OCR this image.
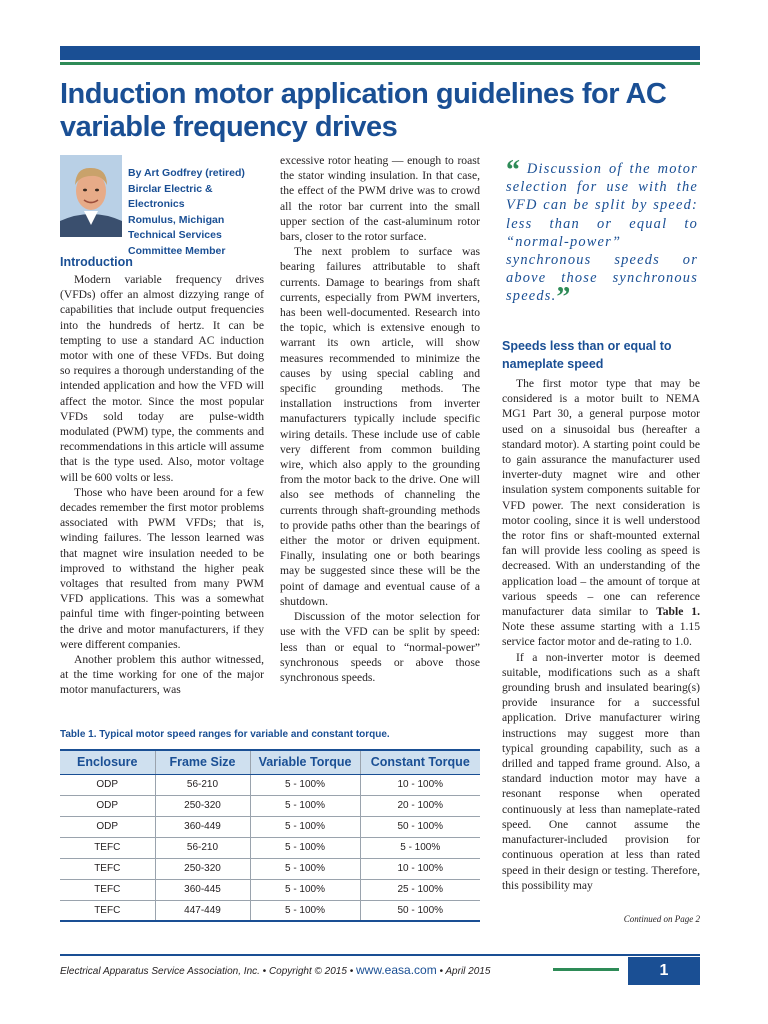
Induction motor application guidelines for AC variable frequency drives
By Art Godfrey (retired)
Birclar Electric & Electronics
Romulus, Michigan
Technical Services
Committee Member
Introduction

Modern variable frequency drives (VFDs) offer an almost dizzying range of capabilities that include output frequencies into the hundreds of hertz. It can be tempting to use a standard AC induction motor with one of these VFDs. But doing so requires a thorough understanding of the intended application and how the VFD will affect the motor. Since the most popular VFDs sold today are pulse-width modulated (PWM) type, the comments and recommendations in this article will assume that is the type used. Also, motor voltage will be 600 volts or less.

Those who have been around for a few decades remember the first motor problems associated with PWM VFDs; that is, winding failures. The lesson learned was that magnet wire insulation needed to be improved to withstand the higher peak voltages that resulted from many PWM VFD applications. This was a somewhat painful time with finger-pointing between the drive and motor manufacturers, if they were different companies.

Another problem this author witnessed, at the time working for one of the major motor manufacturers, was

excessive rotor heating — enough to roast the stator winding insulation. In that case, the effect of the PWM drive was to crowd all the rotor bar current into the small upper section of the cast-aluminum rotor bars, closer to the rotor surface.

The next problem to surface was bearing failures attributable to shaft currents. Damage to bearings from shaft currents, especially from PWM inverters, has been well-documented. Research into the topic, which is extensive enough to warrant its own article, will show measures recommended to minimize the causes by using special cabling and specific grounding methods. The installation instructions from inverter manufacturers typically include specific wiring details. These include use of cable very different from common building wire, which also apply to the grounding from the motor back to the drive. One will also see methods of channeling the currents through shaft-grounding methods to provide paths other than the bearings of either the motor or driven equipment. Finally, insulating one or both bearings may be suggested since these will be the point of damage and eventual cause of a shutdown.

Discussion of the motor selection for use with the VFD can be split by speed: less than or equal to “normal-power” synchronous speeds or above those synchronous speeds.

“ Discussion of the motor selection for use with the VFD can be split by speed: less than or equal to “normal-power” synchronous speeds or above those synchronous speeds.”
Speeds less than or equal to nameplate speed

The first motor type that may be considered is a motor built to NEMA MG1 Part 30, a general purpose motor used on a sinusoidal bus (hereafter a standard motor). A starting point could be to gain assurance the manufacturer used inverter-duty magnet wire and other insulation system components suitable for VFD power. The next consideration is motor cooling, since it is well understood the rotor fins or shaft-mounted external fan will provide less cooling as speed is decreased. With an understanding of the application load – the amount of torque at various speeds – one can reference manufacturer data similar to Table 1. Note these assume starting with a 1.15 service factor motor and de-rating to 1.0.

If a non-inverter motor is deemed suitable, modifications such as a shaft grounding brush and insulated bearing(s) provide insurance for a successful application. Drive manufacturer wiring instructions may suggest more than typical grounding capability, such as a drilled and tapped frame ground. Also, a standard induction motor may have a resonant response when operated continuously at less than nameplate-rated speed. One cannot assume the manufacturer-included provision for continuous operation at less than rated speed in their design or testing. Therefore, this possibility may

Table 1. Typical motor speed ranges for variable and constant torque.
Enclosure	Frame Size	Variable Torque	Constant Torque
ODP	56-210	5 - 100%	10 - 100%
ODP	250-320	5 - 100%	20 - 100%
ODP	360-449	5 - 100%	50 - 100%
TEFC	56-210	5 - 100%	5 - 100%
TEFC	250-320	5 - 100%	10 - 100%
TEFC	360-445	5 - 100%	25 - 100%
TEFC	447-449	5 - 100%	50 - 100%
Continued on Page 2
Electrical Apparatus Service Association, Inc. • Copyright © 2015 • www.easa.com • April 2015	1
